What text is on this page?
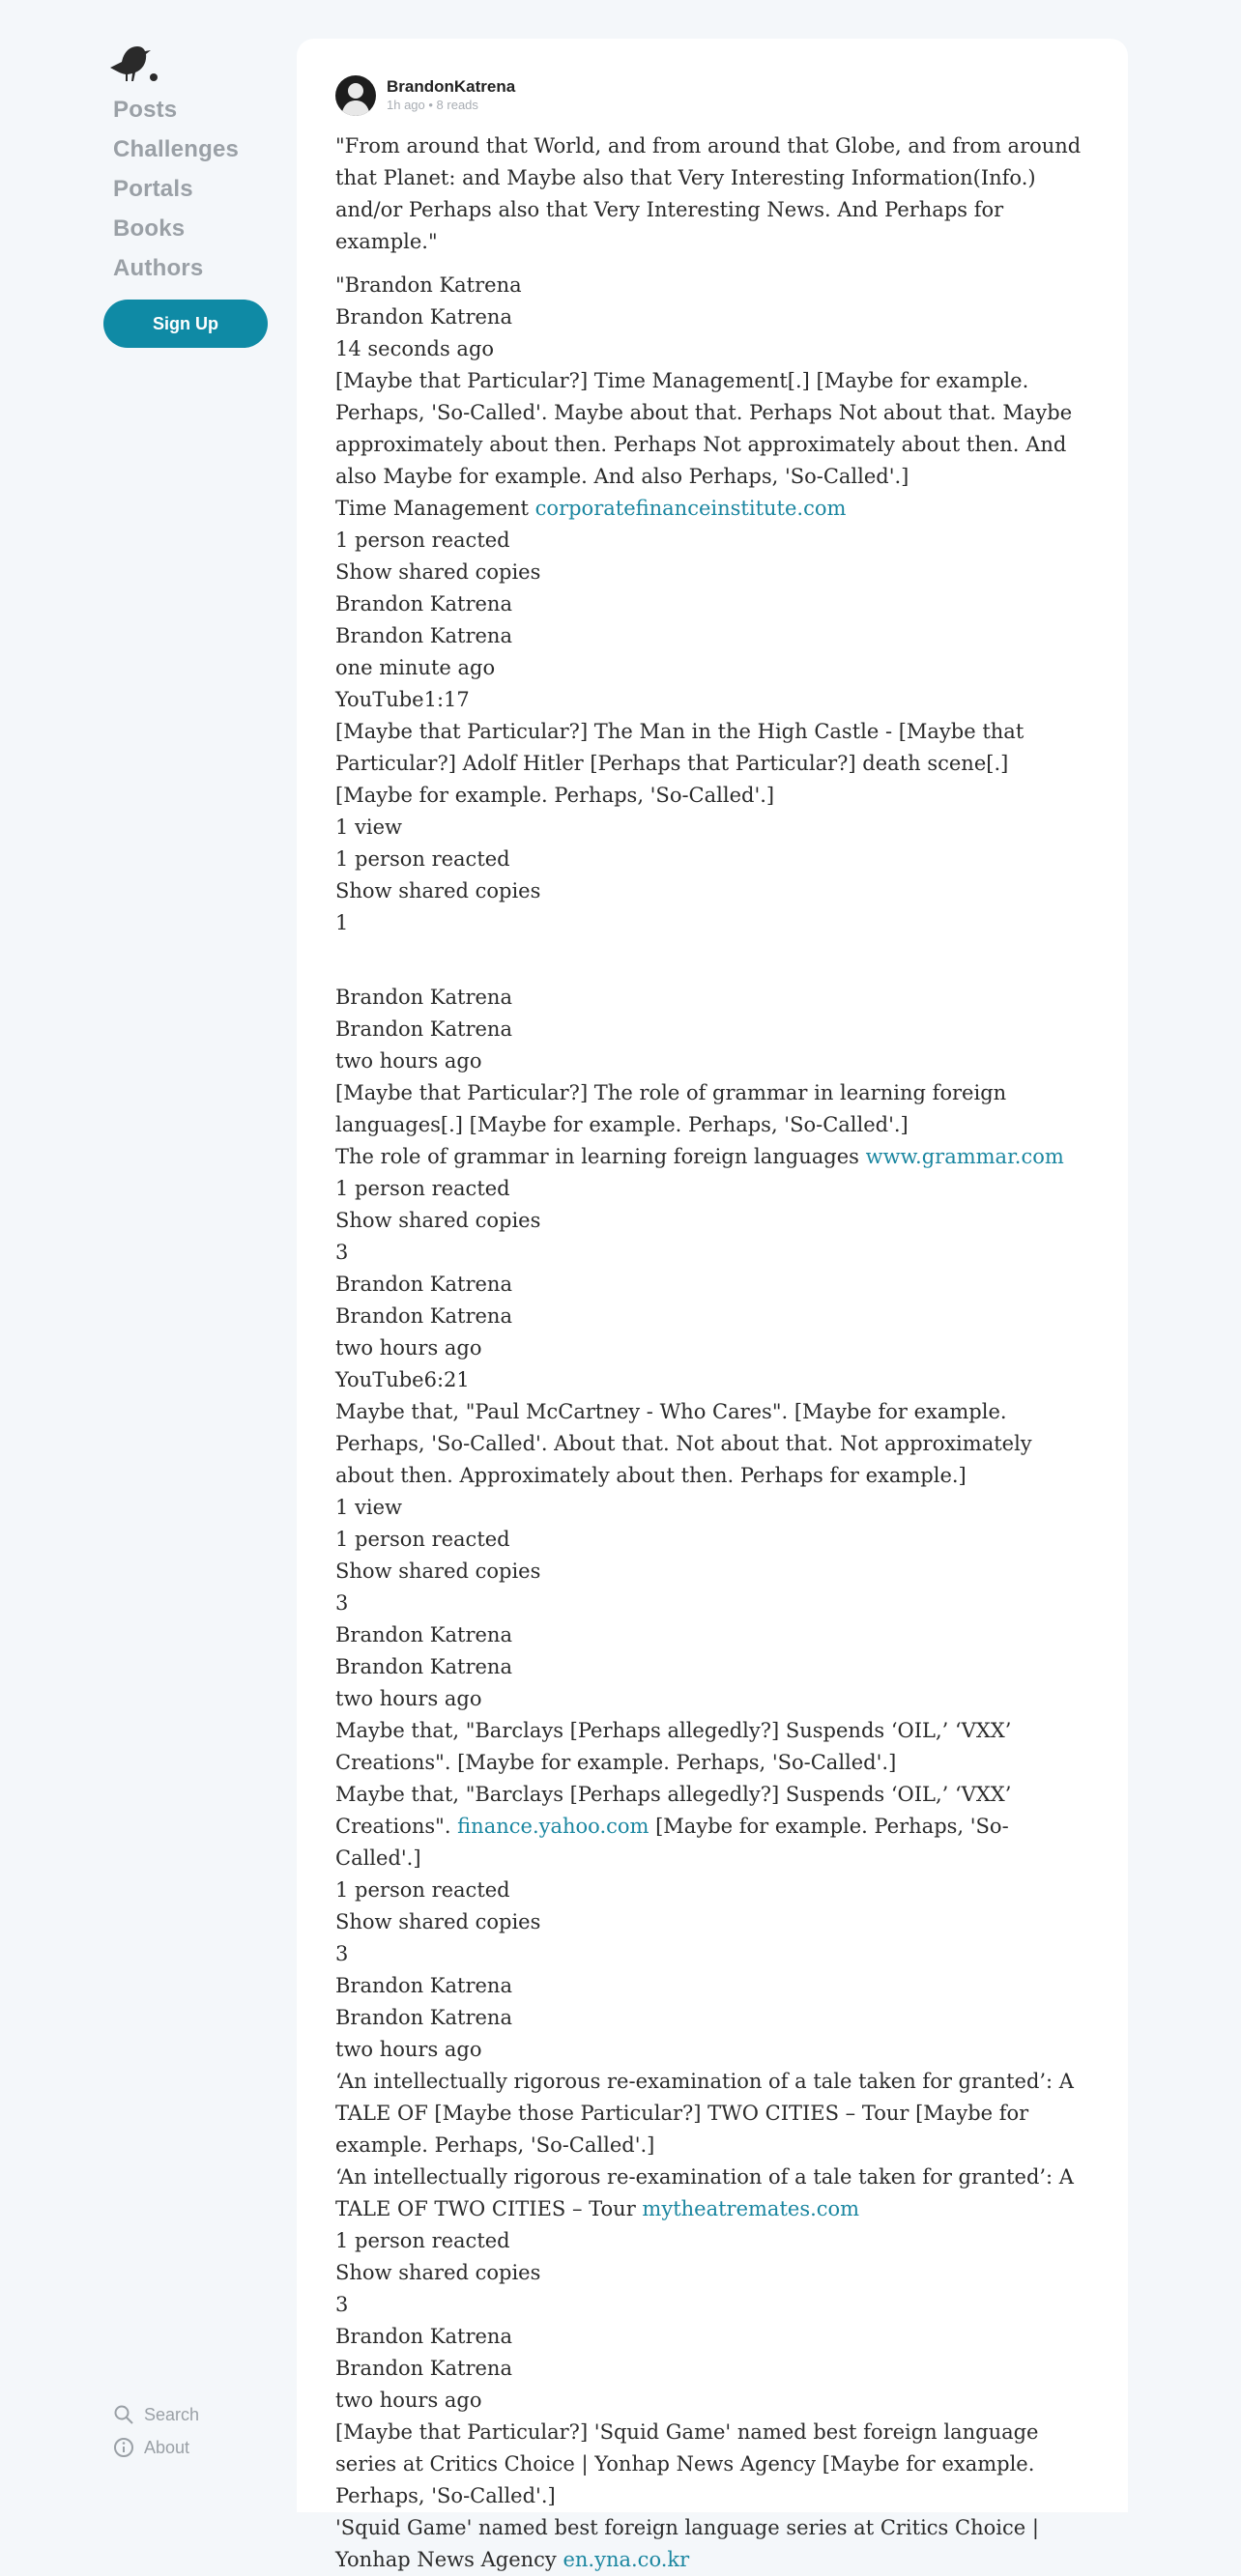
Posts
Challenges
Portals
Books
Authors
Sign Up
Search
About
BrandonKatrena
1h ago • 8 reads

"From around that World, and from around that Globe, and from around that Planet: and Maybe also that Very Interesting Information(Info.) and/or Perhaps also that Very Interesting News. And Perhaps for example."

"Brandon Katrena
Brandon Katrena
14 seconds ago
[Maybe that Particular?] Time Management[.] [Maybe for example. Perhaps, 'So-Called'. Maybe about that. Perhaps Not about that. Maybe approximately about then. Perhaps Not approximately about then. And also Maybe for example. And also Perhaps, 'So-Called'.]
Time Management corporatefinanceinstitute.com
1 person reacted
Show shared copies
Brandon Katrena
Brandon Katrena
one minute ago
YouTube1:17
[Maybe that Particular?] The Man in the High Castle - [Maybe that Particular?] Adolf Hitler [Perhaps that Particular?] death scene[.] [Maybe for example. Perhaps, 'So-Called'.]
1 view
1 person reacted
Show shared copies
1
Brandon Katrena
Brandon Katrena
two hours ago
[Maybe that Particular?] The role of grammar in learning foreign languages[.] [Maybe for example. Perhaps, 'So-Called'.]
The role of grammar in learning foreign languages www.grammar.com
1 person reacted
Show shared copies
3
Brandon Katrena
Brandon Katrena
two hours ago
YouTube6:21
Maybe that, "Paul McCartney - Who Cares". [Maybe for example. Perhaps, 'So-Called'. About that. Not about that. Not approximately about then. Approximately about then. Perhaps for example.]
1 view
1 person reacted
Show shared copies
3
Brandon Katrena
Brandon Katrena
two hours ago
Maybe that, "Barclays [Perhaps allegedly?] Suspends ‘OIL,’ ‘VXX’ Creations". [Maybe for example. Perhaps, 'So-Called'.]
Maybe that, "Barclays [Perhaps allegedly?] Suspends ‘OIL,’ ‘VXX’ Creations". finance.yahoo.com [Maybe for example. Perhaps, 'So-Called'.]
1 person reacted
Show shared copies
3
Brandon Katrena
Brandon Katrena
two hours ago
‘An intellectually rigorous re-examination of a tale taken for granted’: A TALE OF [Maybe those Particular?] TWO CITIES – Tour [Maybe for example. Perhaps, 'So-Called'.]
‘An intellectually rigorous re-examination of a tale taken for granted’: A TALE OF TWO CITIES – Tour mytheatremates.com
1 person reacted
Show shared copies
3
Brandon Katrena
Brandon Katrena
two hours ago
[Maybe that Particular?] 'Squid Game' named best foreign language series at Critics Choice | Yonhap News Agency [Maybe for example. Perhaps, 'So-Called'.]
'Squid Game' named best foreign language series at Critics Choice | Yonhap News Agency en.yna.co.kr
